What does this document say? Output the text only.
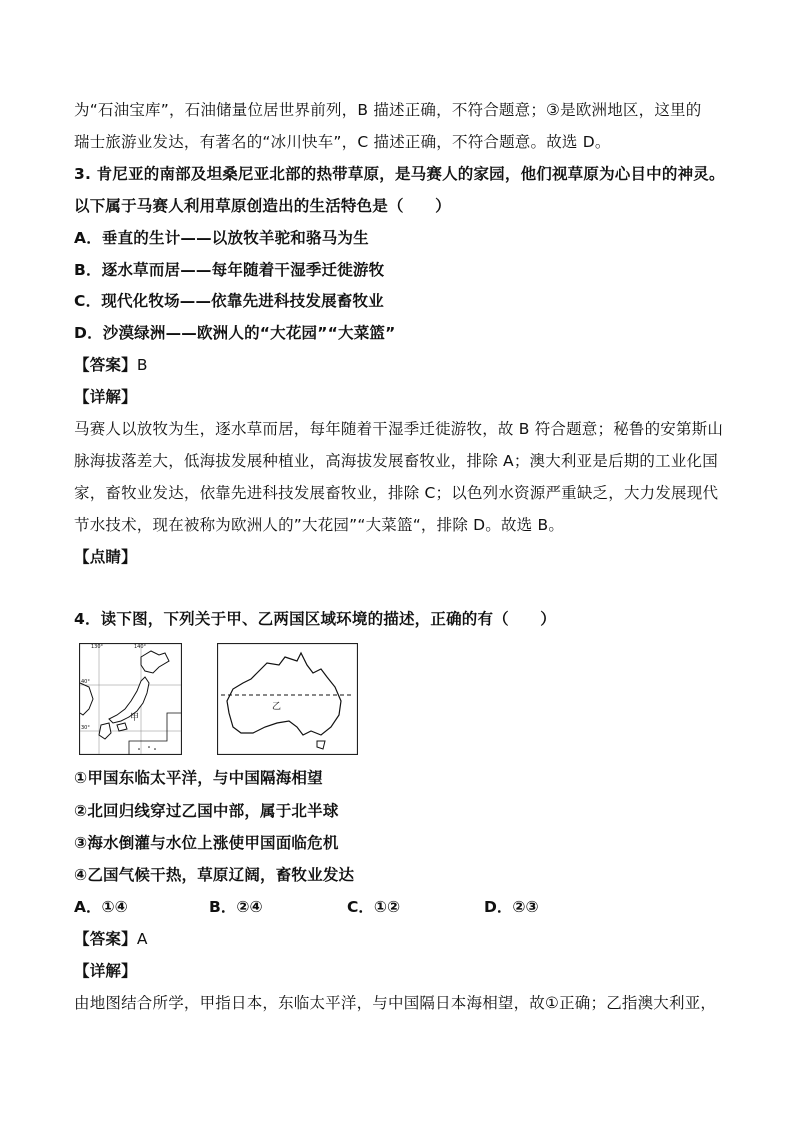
为“石油宝库”，石油储量位居世界前列，B 描述正确，不符合题意；③是欧洲地区，这里的
瑞士旅游业发达，有著名的“冰川快车”，C 描述正确，不符合题意。故选 D。
3. 肯尼亚的南部及坦桑尼亚北部的热带草原，是马赛人的家园，他们视草原为心目中的神灵。
以下属于马赛人利用草原创造出的生活特色是（　　）
A．垂直的生计——以放牧羊驼和骆马为生
B．逐水草而居——每年随着干湿季迁徙游牧
C．现代化牧场——依靠先进科技发展畜牧业
D．沙漠绿洲——欧洲人的“大花园”“大菜篮”
【答案】B
【详解】
马赛人以放牧为生，逐水草而居，每年随着干湿季迁徙游牧，故 B 符合题意；秘鲁的安第斯山
脉海拔落差大，低海拔发展种植业，高海拔发展畜牧业，排除 A；澳大利亚是后期的工业化国
家，畜牧业发达，依靠先进科技发展畜牧业，排除 C；以色列水资源严重缺乏，大力发展现代
节水技术，现在被称为欧洲人的”大花园”“大菜篮“，排除 D。故选 B。
【点睛】
4．读下图，下列关于甲、乙两国区域环境的描述，正确的有（　　）
甲
130°	140°
40°
30°
乙
①甲国东临太平洋，与中国隔海相望
②北回归线穿过乙国中部，属于北半球
③海水倒灌与水位上涨使甲国面临危机
④乙国气候干热，草原辽阔，畜牧业发达
A．①④	B．②④	C．①②	D．②③
【答案】A
【详解】
由地图结合所学，甲指日本，东临太平洋，与中国隔日本海相望，故①正确；乙指澳大利亚，
